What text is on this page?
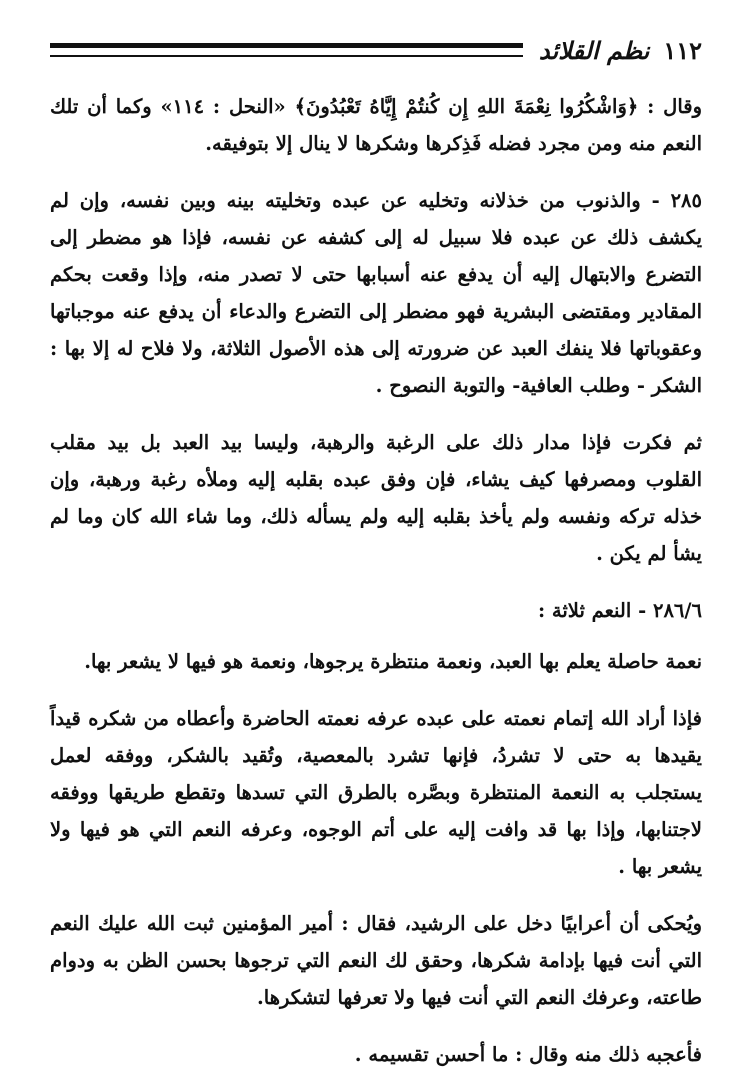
١١٢
نظم القلائد

وقال : ﴿وَاشْكُرُوا نِعْمَةَ اللهِ إِن كُنتُمْ إِيَّاهُ تَعْبُدُونَ﴾ «النحل : ١١٤» وكما أن تلك النعم منه ومن مجرد فضله فَذِكرها وشكرها لا ينال إلا بتوفيقه.

٢٨٥ - والذنوب من خذلانه وتخليه عن عبده وتخليته بينه وبين نفسه، وإن لم يكشف ذلك عن عبده فلا سبيل له إلى كشفه عن نفسه، فإذا هو مضطر إلى التضرع والابتهال إليه أن يدفع عنه أسبابها حتى لا تصدر منه، وإذا وقعت بحكم المقادير ومقتضى البشرية فهو مضطر إلى التضرع والدعاء أن يدفع عنه موجباتها وعقوباتها فلا ينفك العبد عن ضرورته إلى هذه الأصول الثلاثة، ولا فلاح له إلا بها : الشكر - وطلب العافية- والتوبة النصوح .

ثم فكرت فإذا مدار ذلك على الرغبة والرهبة، وليسا بيد العبد بل بيد مقلب القلوب ومصرفها كيف يشاء، فإن وفق عبده بقلبه إليه وملأه رغبة ورهبة، وإن خذله تركه ونفسه ولم يأخذ بقلبه إليه ولم يسأله ذلك، وما شاء الله كان وما لم يشأ لم يكن .

٢٨٦/٦ - النعم ثلاثة :

نعمة حاصلة يعلم بها العبد، ونعمة منتظرة يرجوها، ونعمة هو فيها لا يشعر بها.

فإذا أراد الله إتمام نعمته على عبده عرفه نعمته الحاضرة وأعطاه من شكره قيداً يقيدها به حتى لا تشردُ، فإنها تشرد بالمعصية، وتُقيد بالشكر، ووفقه لعمل يستجلب به النعمة المنتظرة وبصَّره بالطرق التي تسدها وتقطع طريقها ووفقه لاجتنابها، وإذا بها قد وافت إليه على أتم الوجوه، وعرفه النعم التي هو فيها ولا يشعر بها .

ويُحكى أن أعرابيًا دخل على الرشيد، فقال : أمير المؤمنين ثبت الله عليك النعم التي أنت فيها بإدامة شكرها، وحقق لك النعم التي ترجوها بحسن الظن به ودوام طاعته، وعرفك النعم التي أنت فيها ولا تعرفها لتشكرها.

فأعجبه ذلك منه وقال : ما أحسن تقسيمه .
